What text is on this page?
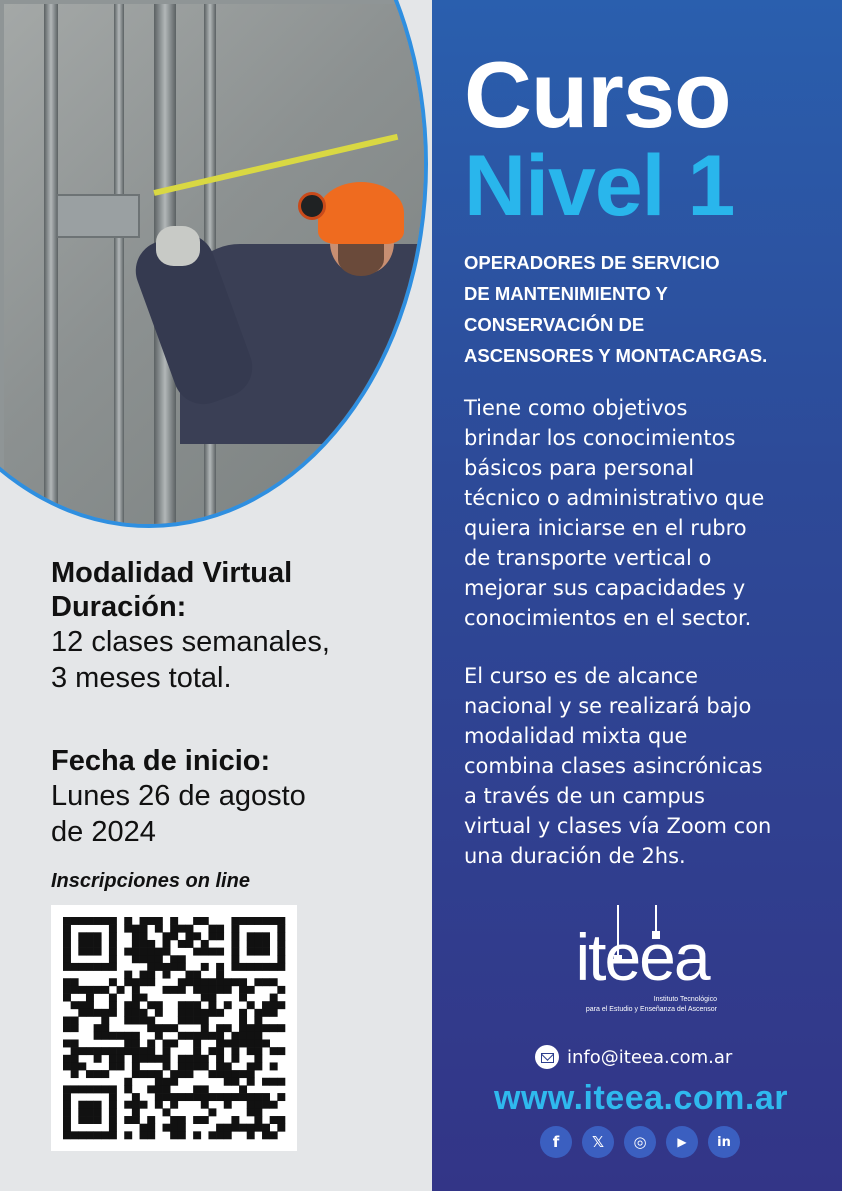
Modalidad Virtual
Duración:
12 clases semanales,
3 meses total.
Fecha de inicio:
Lunes 26 de agosto
de 2024
Inscripciones on line
Curso
Nivel 1
OPERADORES DE SERVICIO
DE MANTENIMIENTO Y
CONSERVACIÓN DE
ASCENSORES Y MONTACARGAS.
Tiene como objetivos
brindar los conocimientos
básicos para personal
técnico o administrativo que
quiera iniciarse en el rubro
de transporte vertical o
mejorar sus capacidades y
conocimientos en el sector.
El curso es de alcance
nacional y se realizará bajo
modalidad mixta que
combina clases asincrónicas
a través de un campus
virtual y clases vía Zoom con
una duración de 2hs.
iteea
Instituto Tecnológico
para el Estudio y Enseñanza del Ascensor
info@iteea.com.ar
www.iteea.com.ar
f	𝕏	◎	▶	in
